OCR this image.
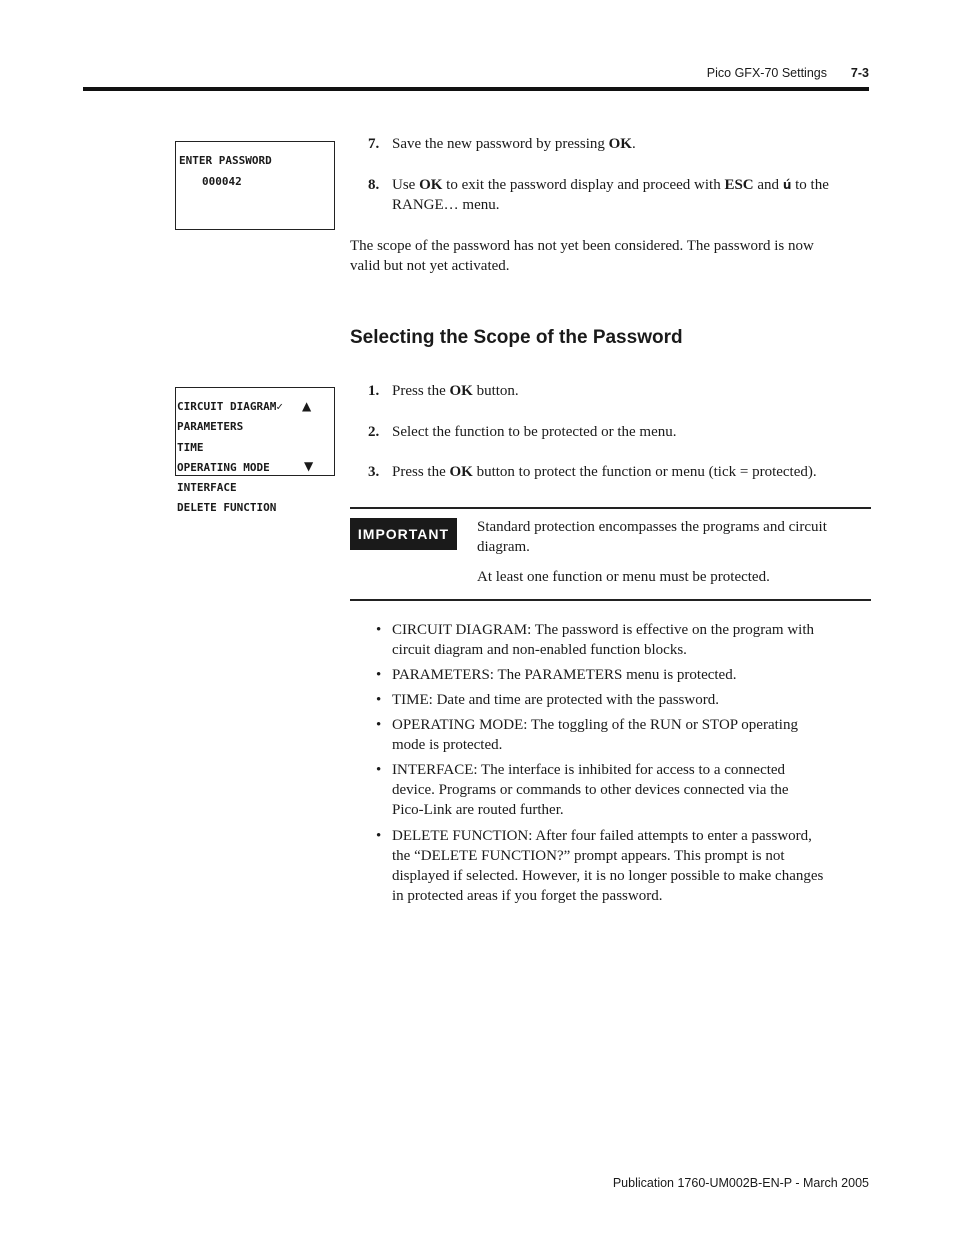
Pico GFX-70 Settings 7-3
ENTER PASSWORD
000042
7. Save the new password by pressing OK.
8. Use OK to exit the password display and proceed with ESC and ú to the
RANGE… menu.
The scope of the password has not yet been considered. The password is now
valid but not yet activated.
Selecting the Scope of the Password
CIRCUIT DIAGRAM✓
PARAMETERS
TIME
OPERATING MODE
INTERFACE
DELETE FUNCTION
▲
▼
1. Press the OK button.
2. Select the function to be protected or the menu.
3. Press the OK button to protect the function or menu (tick = protected).
IMPORTANT	Standard protection encompasses the programs and circuit
diagram.
At least one function or menu must be protected.
• CIRCUIT DIAGRAM: The password is effective on the program with
circuit diagram and non-enabled function blocks.
• PARAMETERS: The PARAMETERS menu is protected.
• TIME: Date and time are protected with the password.
• OPERATING MODE: The toggling of the RUN or STOP operating
mode is protected.
• INTERFACE: The interface is inhibited for access to a connected
device. Programs or commands to other devices connected via the
Pico-Link are routed further.
• DELETE FUNCTION: After four failed attempts to enter a password,
the “DELETE FUNCTION?” prompt appears. This prompt is not
displayed if selected. However, it is no longer possible to make changes
in protected areas if you forget the password.
Publication 1760-UM002B-EN-P - March 2005
